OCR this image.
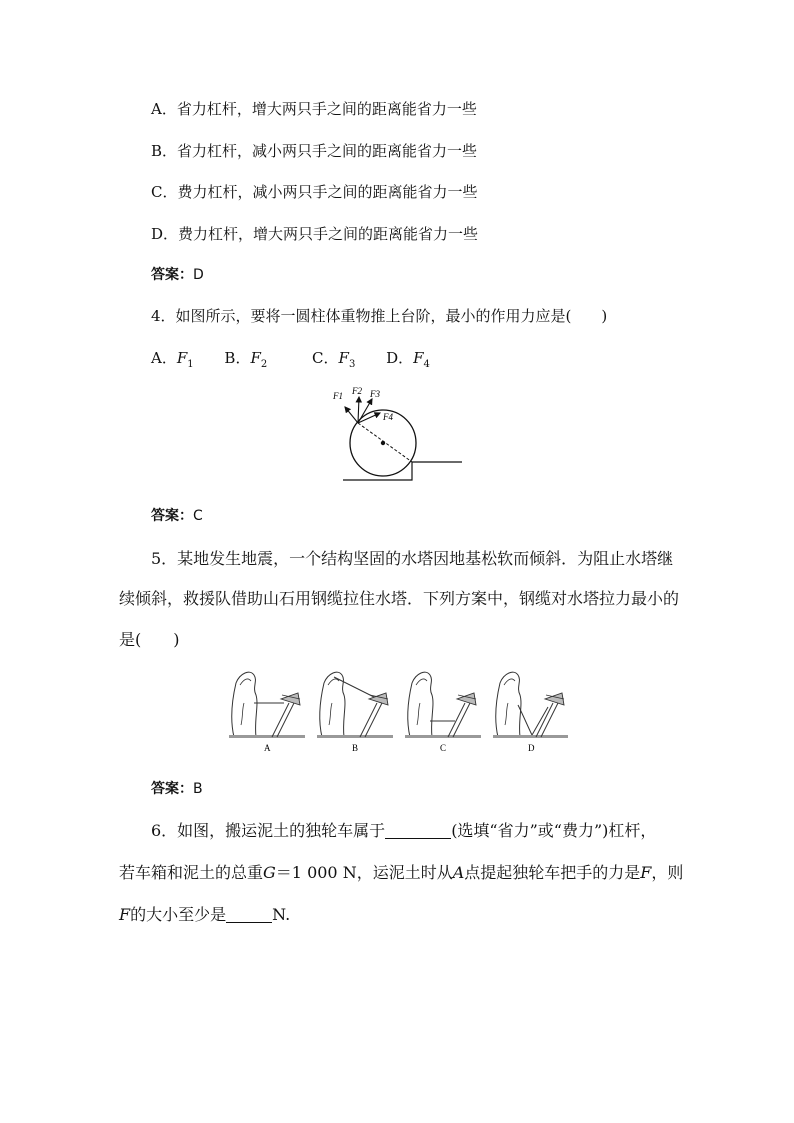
A．省力杠杆，增大两只手之间的距离能省力一些
B．省力杠杆，减小两只手之间的距离能省力一些
C．费力杠杆，减小两只手之间的距离能省力一些
D．费力杠杆，增大两只手之间的距离能省力一些
答案：D
4．如图所示，要将一圆柱体重物推上台阶，最小的作用力应是(　　)
A．$F_1$ B．$F_2$	C．$F_3$ D．$F_4$
F1 F2 F3
F4
答案：C
5．某地发生地震，一个结构坚固的水塔因地基松软而倾斜．为阻止水塔继
续倾斜，救援队借助山石用钢缆拉住水塔．下列方案中，钢缆对水塔拉力最小的
是(　　)
A	B	C	D
答案：B
6．如图，搬运泥土的独轮车属于	(选填“省力”或“费力”)杠杆，
若车箱和泥土的总重G＝1 000 N，运泥土时从A点提起独轮车把手的力是F，则
F的大小至少是	N.
